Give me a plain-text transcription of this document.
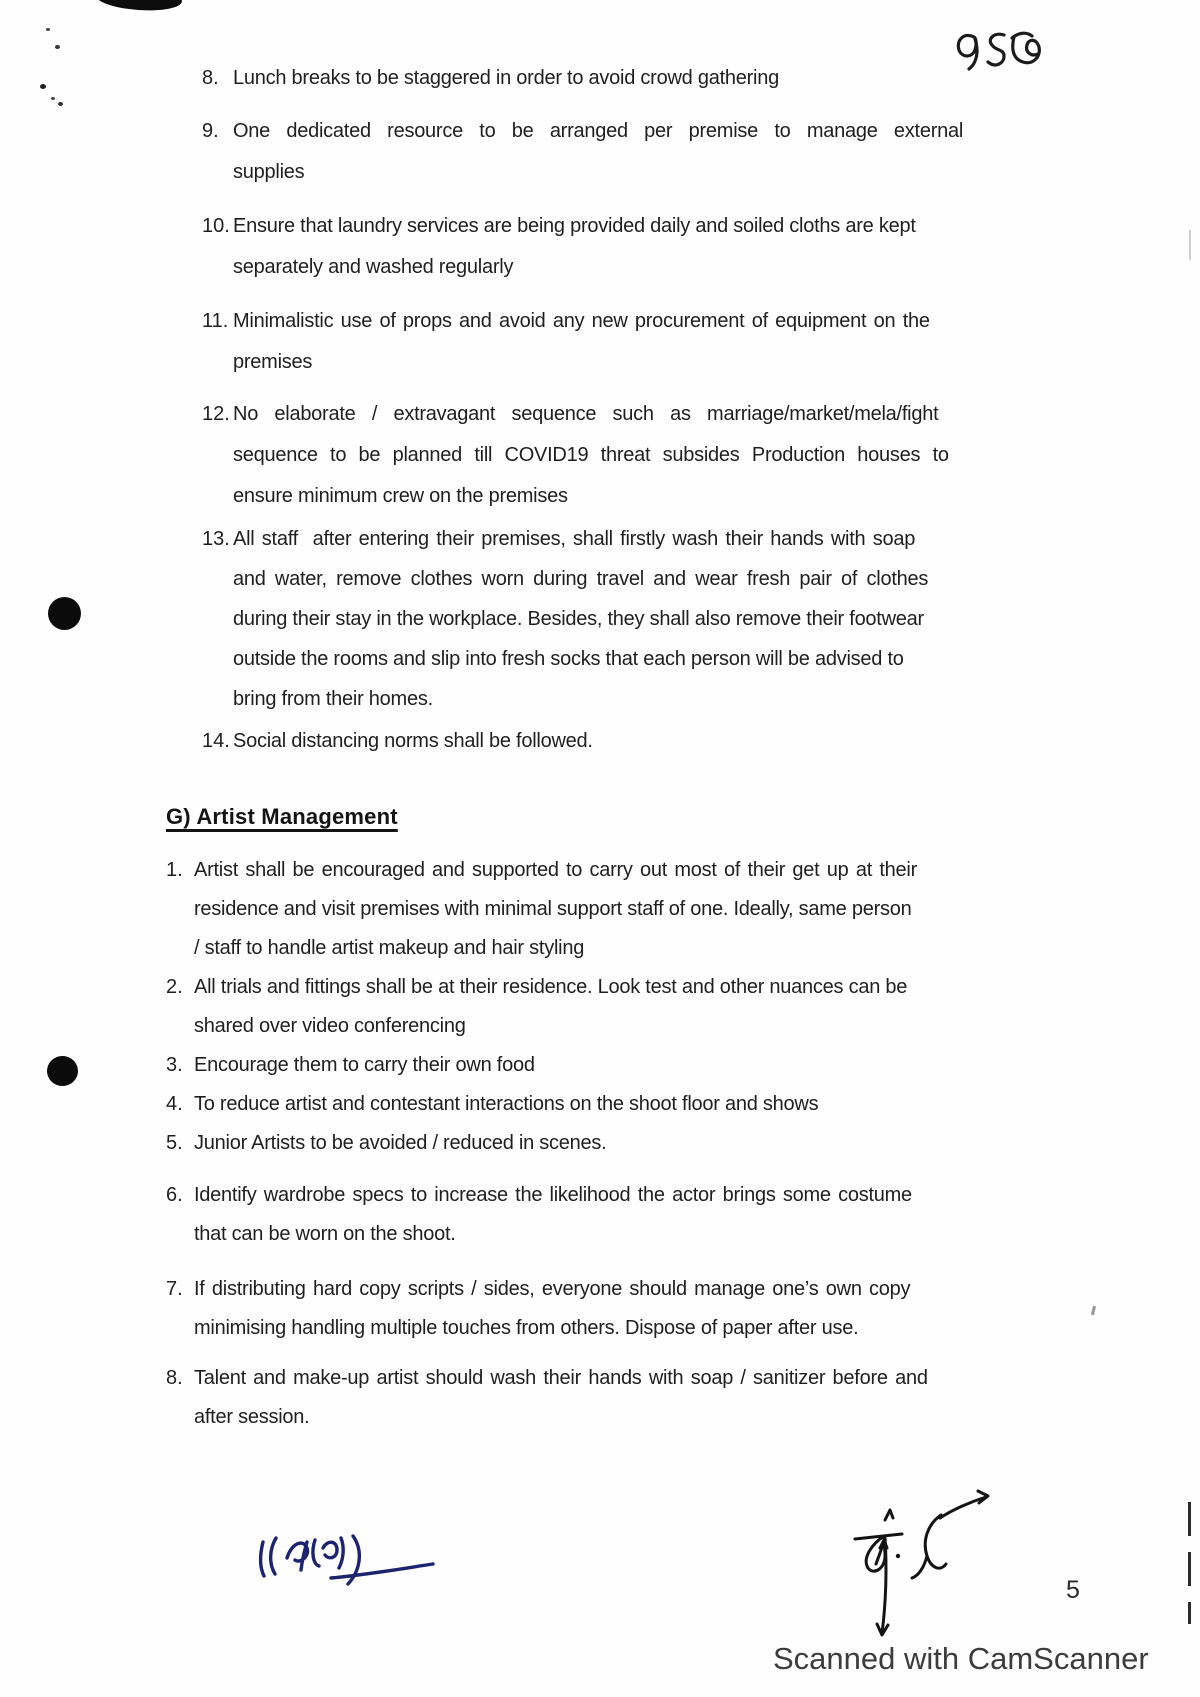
8. Lunch breaks to be staggered in order to avoid crowd gathering
9. One dedicated resource to be arranged per premise to manage external
supplies
10. Ensure that laundry services are being provided daily and soiled cloths are kept
separately and washed regularly
11. Minimalistic use of props and avoid any new procurement of equipment on the
premises
12. No elaborate / extravagant sequence such as marriage/market/mela/fight
sequence to be planned till COVID19 threat subsides Production houses to
ensure minimum crew on the premises
13. All staff  after entering their premises, shall firstly wash their hands with soap
and water, remove clothes worn during travel and wear fresh pair of clothes
during their stay in the workplace. Besides, they shall also remove their footwear
outside the rooms and slip into fresh socks that each person will be advised to
bring from their homes.
14. Social distancing norms shall be followed.
G) Artist Management
1. Artist shall be encouraged and supported to carry out most of their get up at their
residence and visit premises with minimal support staff of one. Ideally, same person
/ staff to handle artist makeup and hair styling
2. All trials and fittings shall be at their residence. Look test and other nuances can be
shared over video conferencing
3. Encourage them to carry their own food
4. To reduce artist and contestant interactions on the shoot floor and shows
5. Junior Artists to be avoided / reduced in scenes.
6. Identify wardrobe specs to increase the likelihood the actor brings some costume
that can be worn on the shoot.
7. If distributing hard copy scripts / sides, everyone should manage one’s own copy
minimising handling multiple touches from others. Dispose of paper after use.
8. Talent and make-up artist should wash their hands with soap / sanitizer before and
after session.
5
Scanned with CamScanner
